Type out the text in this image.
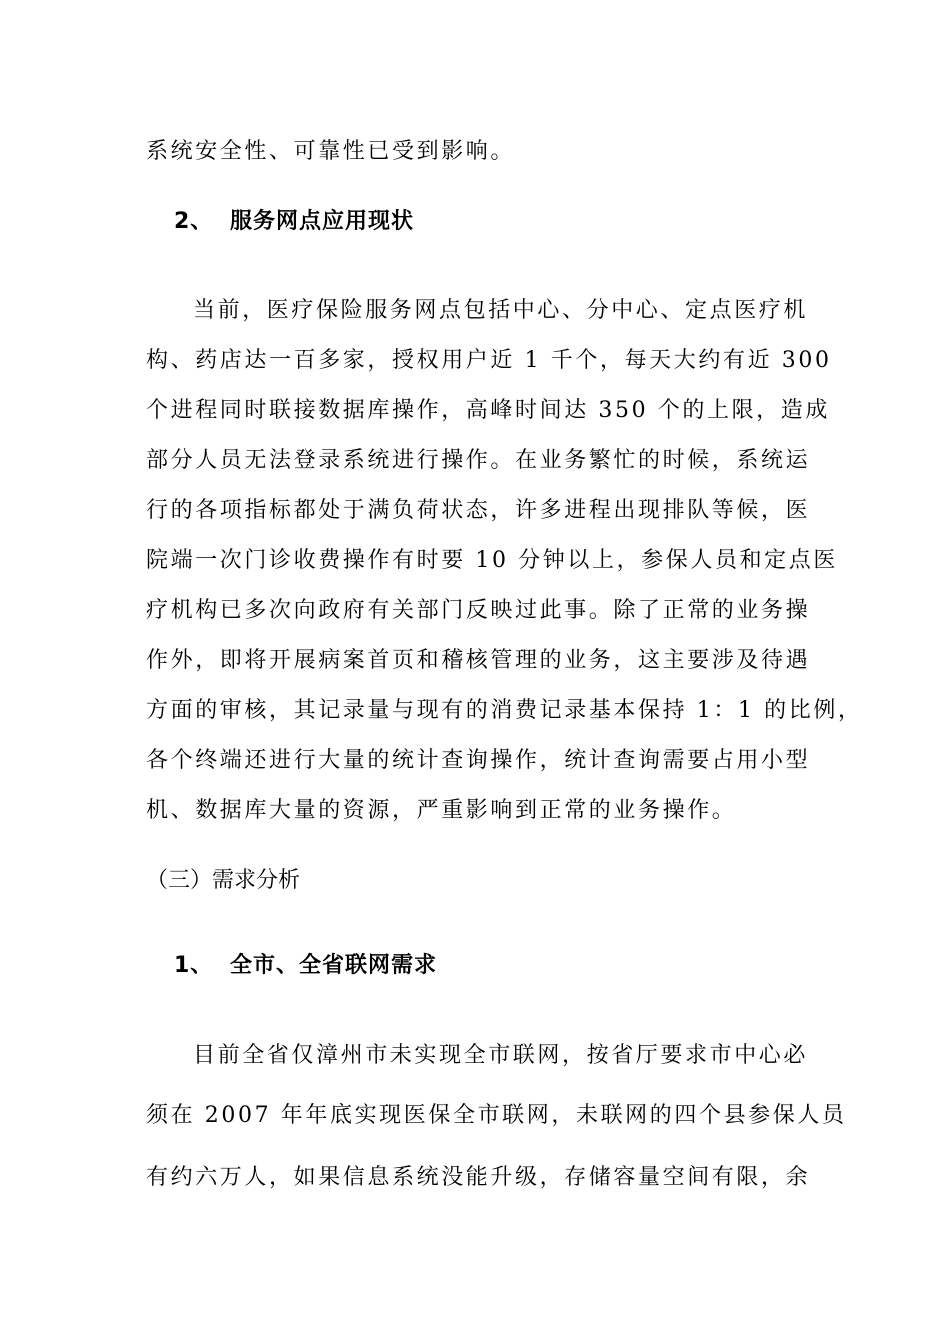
系统安全性、可靠性已受到影响。
2、 服务网点应用现状
当前，医疗保险服务网点包括中心、分中心、定点医疗机
构、药店达一百多家，授权用户近 1 千个，每天大约有近 300
个进程同时联接数据库操作，高峰时间达 350 个的上限，造成
部分人员无法登录系统进行操作。在业务繁忙的时候，系统运
行的各项指标都处于满负荷状态，许多进程出现排队等候，医
院端一次门诊收费操作有时要 10 分钟以上，参保人员和定点医
疗机构已多次向政府有关部门反映过此事。除了正常的业务操
作外，即将开展病案首页和稽核管理的业务，这主要涉及待遇
方面的审核，其记录量与现有的消费记录基本保持 1：1 的比例，
各个终端还进行大量的统计查询操作，统计查询需要占用小型
机、数据库大量的资源，严重影响到正常的业务操作。
（三）需求分析
1、 全市、全省联网需求
目前全省仅漳州市未实现全市联网，按省厅要求市中心必
须在 2007 年年底实现医保全市联网，未联网的四个县参保人员
有约六万人，如果信息系统没能升级，存储容量空间有限，余
